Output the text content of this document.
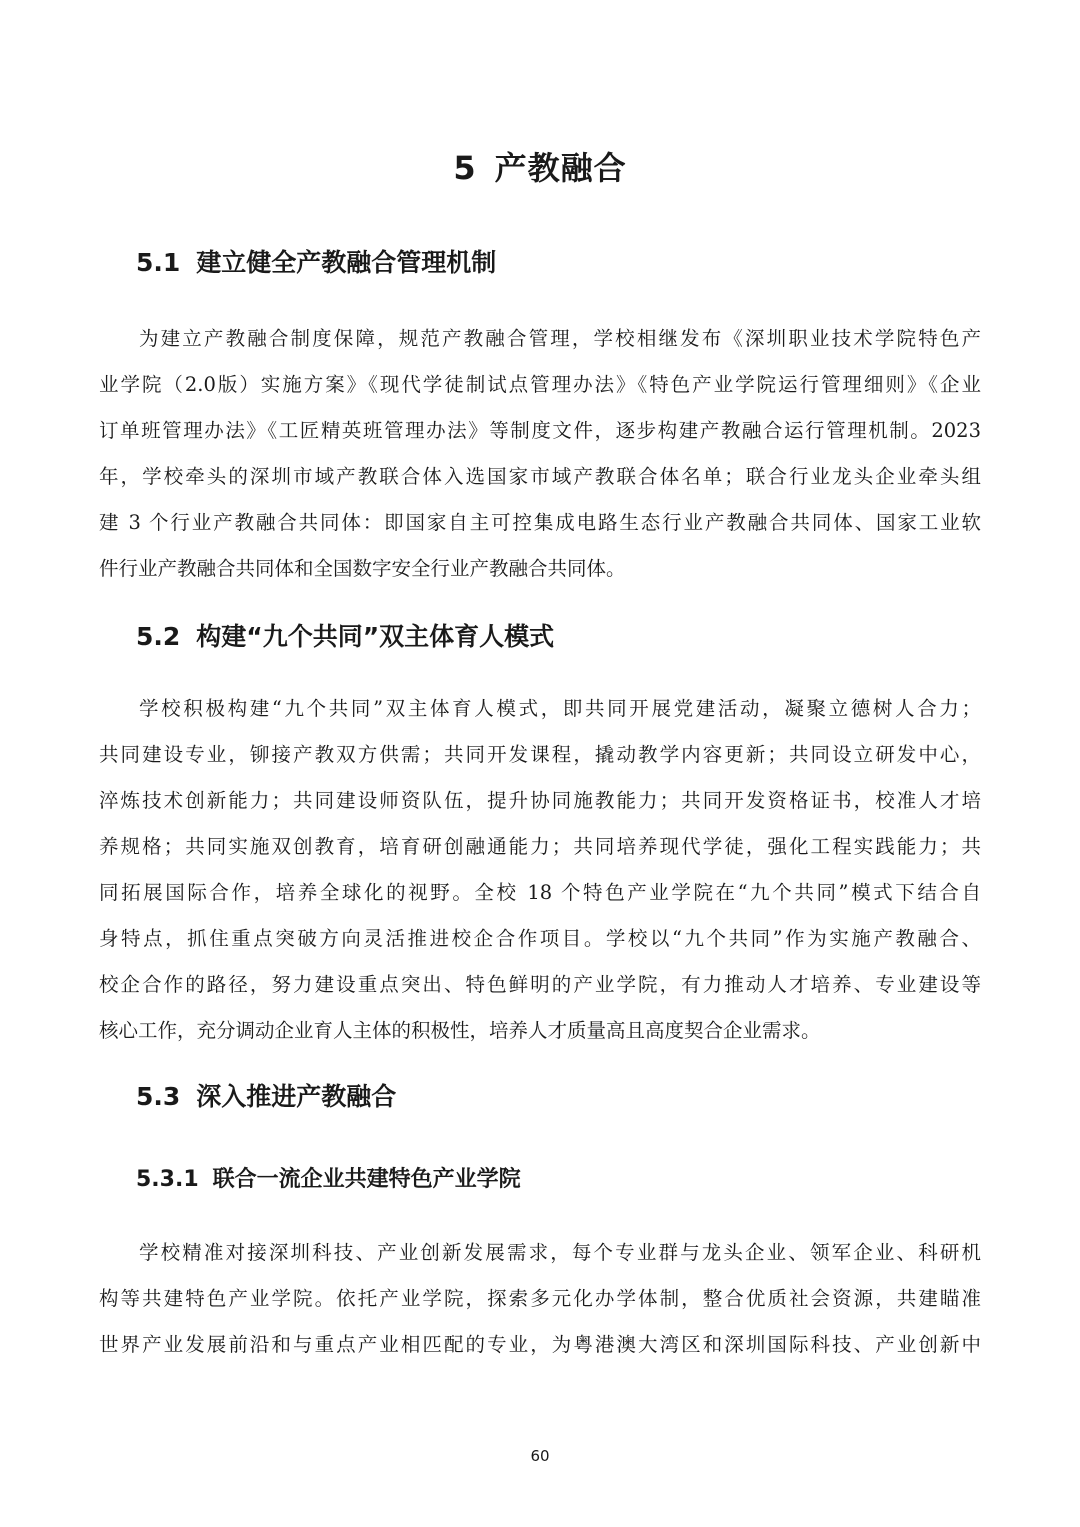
5 产教融合
5.1 建立健全产教融合管理机制
为建立产教融合制度保障，规范产教融合管理，学校相继发布《深圳职业技术学院特色产
业学院（2.0版）实施方案》《现代学徒制试点管理办法》《特色产业学院运行管理细则》《企业
订单班管理办法》《工匠精英班管理办法》等制度文件，逐步构建产教融合运行管理机制。2023
年，学校牵头的深圳市域产教联合体入选国家市域产教联合体名单；联合行业龙头企业牵头组
建 3 个行业产教融合共同体：即国家自主可控集成电路生态行业产教融合共同体、国家工业软
件行业产教融合共同体和全国数字安全行业产教融合共同体。
5.2 构建“九个共同”双主体育人模式
学校积极构建“九个共同”双主体育人模式，即共同开展党建活动，凝聚立德树人合力；
共同建设专业，铆接产教双方供需；共同开发课程，撬动教学内容更新；共同设立研发中心，
淬炼技术创新能力；共同建设师资队伍，提升协同施教能力；共同开发资格证书，校准人才培
养规格；共同实施双创教育，培育研创融通能力；共同培养现代学徒，强化工程实践能力；共
同拓展国际合作，培养全球化的视野。全校 18 个特色产业学院在“九个共同”模式下结合自
身特点，抓住重点突破方向灵活推进校企合作项目。学校以“九个共同”作为实施产教融合、
校企合作的路径，努力建设重点突出、特色鲜明的产业学院，有力推动人才培养、专业建设等
核心工作，充分调动企业育人主体的积极性，培养人才质量高且高度契合企业需求。
5.3 深入推进产教融合
5.3.1 联合一流企业共建特色产业学院
学校精准对接深圳科技、产业创新发展需求，每个专业群与龙头企业、领军企业、科研机
构等共建特色产业学院。依托产业学院，探索多元化办学体制，整合优质社会资源，共建瞄准
世界产业发展前沿和与重点产业相匹配的专业，为粤港澳大湾区和深圳国际科技、产业创新中
60
